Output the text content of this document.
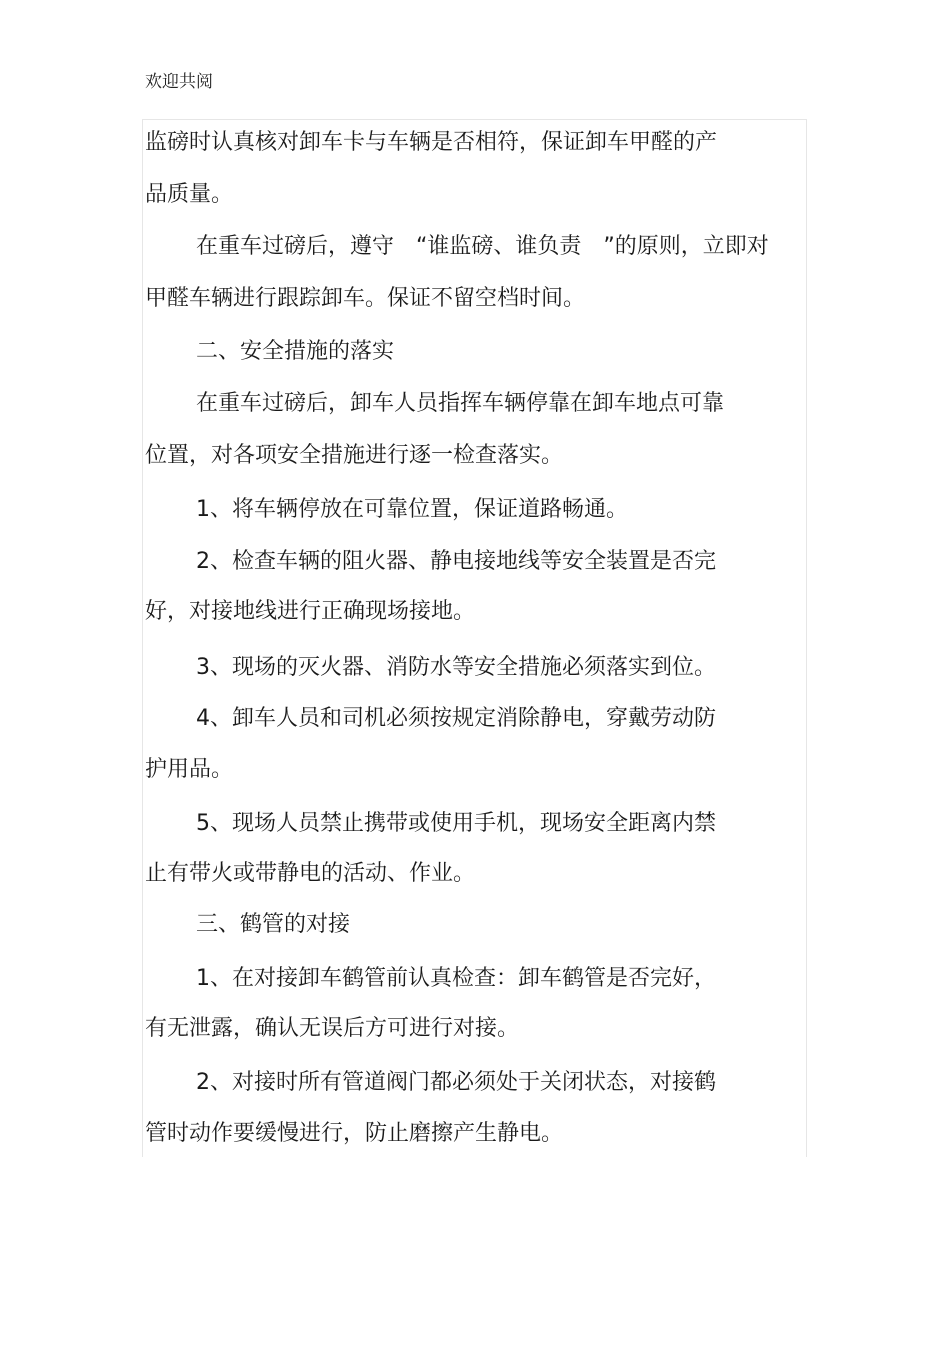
欢迎共阅
监磅时认真核对卸车卡与车辆是否相符，保证卸车甲醛的产
品质量。
在重车过磅后，遵守　“谁监磅、谁负责　”的原则，立即对
甲醛车辆进行跟踪卸车。保证不留空档时间。
二、安全措施的落实
在重车过磅后，卸车人员指挥车辆停靠在卸车地点可靠
位置，对各项安全措施进行逐一检查落实。
1、将车辆停放在可靠位置，保证道路畅通。
2、检查车辆的阻火器、静电接地线等安全装置是否完
好，对接地线进行正确现场接地。
3、现场的灭火器、消防水等安全措施必须落实到位。
4、卸车人员和司机必须按规定消除静电，穿戴劳动防
护用品。
5、现场人员禁止携带或使用手机，现场安全距离内禁
止有带火或带静电的活动、作业。
三、鹤管的对接
1、在对接卸车鹤管前认真检查：卸车鹤管是否完好，
有无泄露，确认无误后方可进行对接。
2、对接时所有管道阀门都必须处于关闭状态，对接鹤
管时动作要缓慢进行，防止磨擦产生静电。
